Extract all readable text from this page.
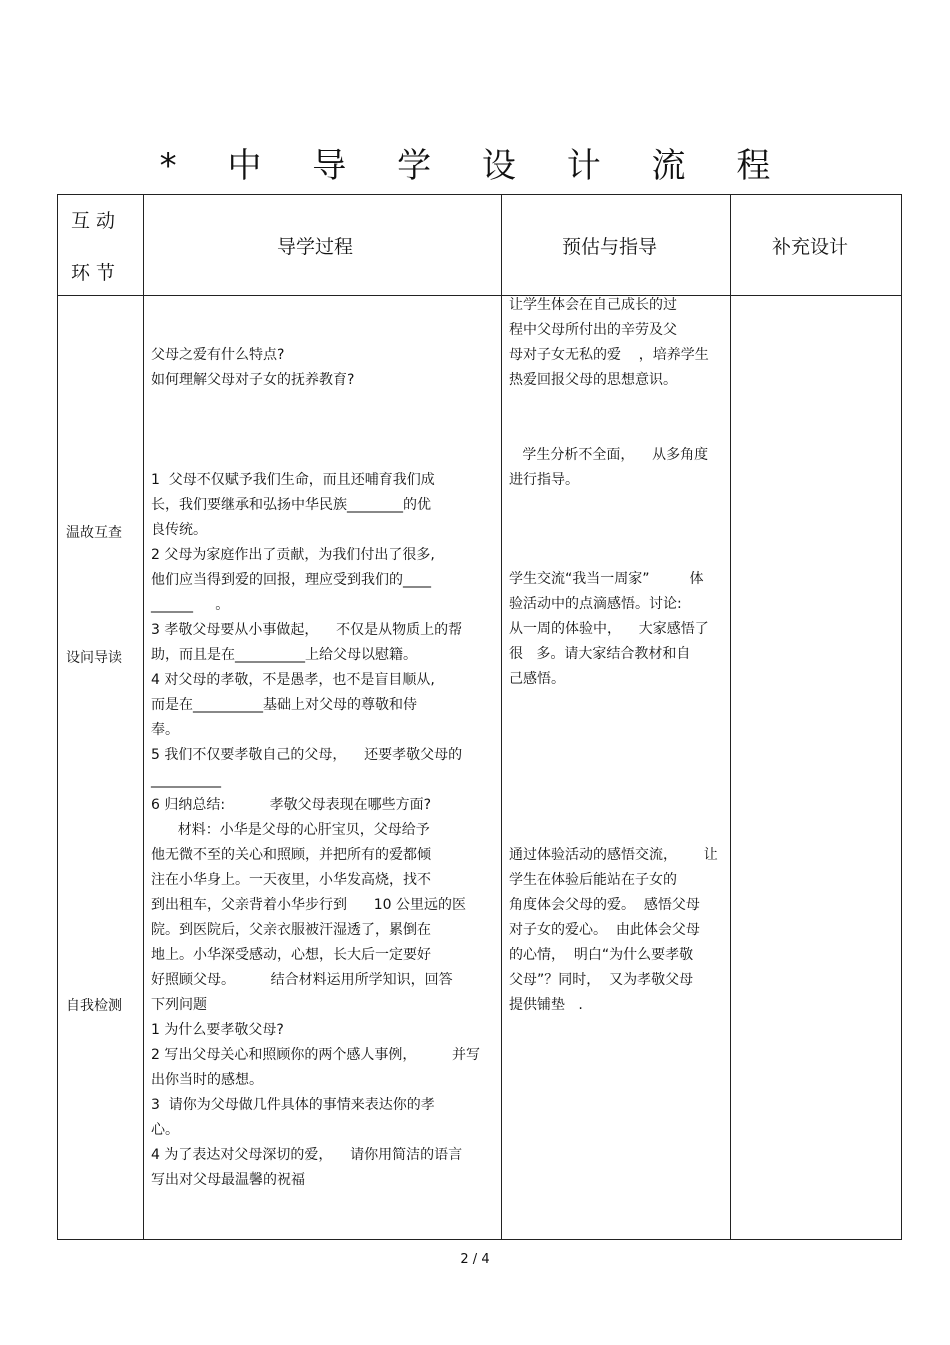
* 中 导 学 设 计 流 程
互 动
环 节
导学过程	预估与指导	补充设计
温故互查
设问导读
自我检测
父母之爱有什么特点?
如何理解父母对子女的抚养教育?
1  父母不仅赋予我们生命，而且还哺育我们成
长，我们要继承和弘扬中华民族________的优
良传统。
2 父母为家庭作出了贡献，为我们付出了很多,
他们应当得到爱的回报，理应受到我们的____
______     。
3 孝敬父母要从小事做起，    不仅是从物质上的帮
助，而且是在__________上给父母以慰籍。
4 对父母的孝敬，不是愚孝，也不是盲目顺从,
而是在__________基础上对父母的尊敬和侍
奉。
5 我们不仅要孝敬自己的父母，    还要孝敬父母的
__________
6 归纳总结:          孝敬父母表现在哪些方面?
材料：小华是父母的心肝宝贝，父母给予
他无微不至的关心和照顾，并把所有的爱都倾
注在小华身上。一天夜里，小华发高烧，找不
到出租车，父亲背着小华步行到      10 公里远的医
院。到医院后，父亲衣服被汗湿透了，累倒在
地上。小华深受感动，心想，长大后一定要好
好照顾父母。        结合材料运用所学知识，回答
下列问题
1 为什么要孝敬父母?
2 写出父母关心和照顾你的两个感人事例，        并写
出你当时的感想。
3  请你为父母做几件具体的事情来表达你的孝
心。
4 为了表达对父母深切的爱，    请你用简洁的语言
写出对父母最温馨的祝福
让学生体会在自己成长的过
程中父母所付出的辛劳及父
母对子女无私的爱    ，培养学生
热爱回报父母的思想意识。
学生分析不全面，    从多角度
进行指导。
学生交流“我当一周家”         体
验活动中的点滴感悟。讨论:
从一周的体验中，    大家感悟了
很   多。请大家结合教材和自
己感悟。
通过体验活动的感悟交流，      让
学生在体验后能站在子女的
角度体会父母的爱。  感悟父母
对子女的爱心。  由此体会父母
的心情，  明白“为什么要孝敬
父母”？同时，  又为孝敬父母
提供铺垫   .
2 / 4
